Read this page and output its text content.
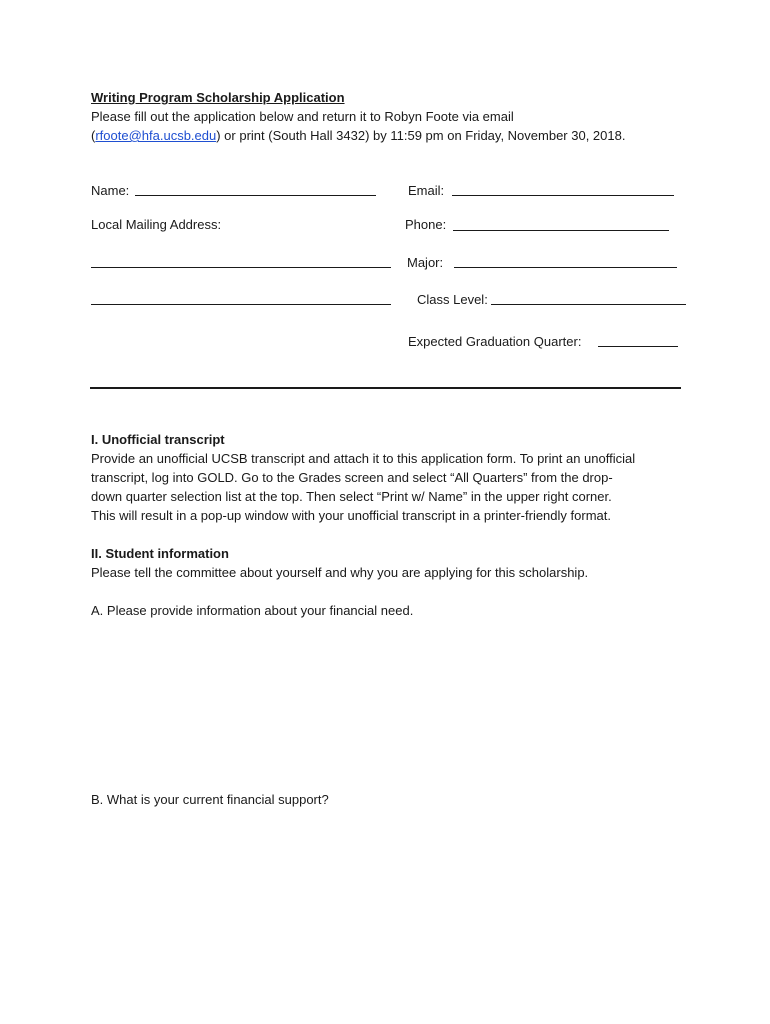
Writing Program Scholarship Application
Please fill out the application below and return it to Robyn Foote via email
(rfoote@hfa.ucsb.edu) or print (South Hall 3432) by 11:59 pm on Friday, November 30, 2018.
Name:	Email:
Local Mailing Address:	Phone:
Major:
Class Level:
Expected Graduation Quarter:
I. Unofficial transcript
Provide an unofficial UCSB transcript and attach it to this application form. To print an unofficial
transcript, log into GOLD. Go to the Grades screen and select “All Quarters” from the drop-
down quarter selection list at the top. Then select “Print w/ Name” in the upper right corner.
This will result in a pop-up window with your unofficial transcript in a printer-friendly format.
II. Student information
Please tell the committee about yourself and why you are applying for this scholarship.
A. Please provide information about your financial need.
B. What is your current financial support?
